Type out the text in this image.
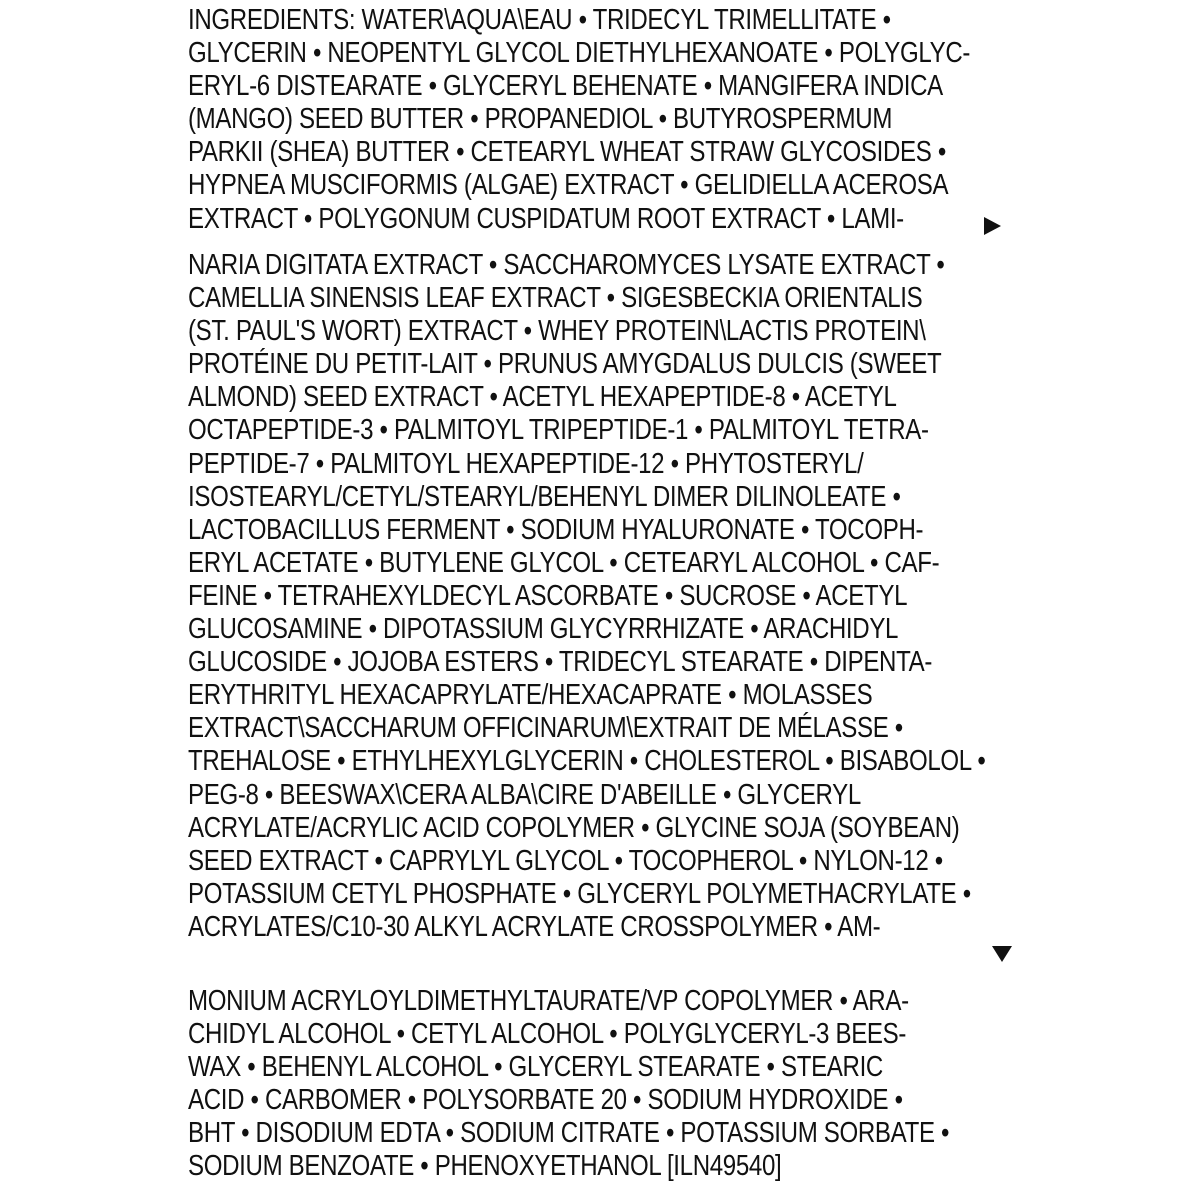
INGREDIENTS: WATER\AQUA\EAU • TRIDECYL TRIMELLITATE •
GLYCERIN • NEOPENTYL GLYCOL DIETHYLHEXANOATE • POLYGLYC-
ERYL-6 DISTEARATE • GLYCERYL BEHENATE • MANGIFERA INDICA
(MANGO) SEED BUTTER • PROPANEDIOL • BUTYROSPERMUM
PARKII (SHEA) BUTTER • CETEARYL WHEAT STRAW GLYCOSIDES •
HYPNEA MUSCIFORMIS (ALGAE) EXTRACT • GELIDIELLA ACEROSA
EXTRACT • POLYGONUM CUSPIDATUM ROOT EXTRACT • LAMI-
NARIA DIGITATA EXTRACT • SACCHAROMYCES LYSATE EXTRACT •
CAMELLIA SINENSIS LEAF EXTRACT • SIGESBECKIA ORIENTALIS
(ST. PAUL'S WORT) EXTRACT • WHEY PROTEIN\LACTIS PROTEIN\
PROTÉINE DU PETIT-LAIT • PRUNUS AMYGDALUS DULCIS (SWEET
ALMOND) SEED EXTRACT • ACETYL HEXAPEPTIDE-8 • ACETYL
OCTAPEPTIDE-3 • PALMITOYL TRIPEPTIDE-1 • PALMITOYL TETRA-
PEPTIDE-7 • PALMITOYL HEXAPEPTIDE-12 • PHYTOSTERYL/
ISOSTEARYL/CETYL/STEARYL/BEHENYL DIMER DILINOLEATE •
LACTOBACILLUS FERMENT • SODIUM HYALURONATE • TOCOPH-
ERYL ACETATE • BUTYLENE GLYCOL • CETEARYL ALCOHOL • CAF-
FEINE • TETRAHEXYLDECYL ASCORBATE • SUCROSE • ACETYL
GLUCOSAMINE • DIPOTASSIUM GLYCYRRHIZATE • ARACHIDYL
GLUCOSIDE • JOJOBA ESTERS • TRIDECYL STEARATE • DIPENTA-
ERYTHRITYL HEXACAPRYLATE/HEXACAPRATE • MOLASSES
EXTRACT\SACCHARUM OFFICINARUM\EXTRAIT DE MÉLASSE •
TREHALOSE • ETHYLHEXYLGLYCERIN • CHOLESTEROL • BISABOLOL •
PEG-8 • BEESWAX\CERA ALBA\CIRE D'ABEILLE • GLYCERYL
ACRYLATE/ACRYLIC ACID COPOLYMER • GLYCINE SOJA (SOYBEAN)
SEED EXTRACT • CAPRYLYL GLYCOL • TOCOPHEROL • NYLON-12 •
POTASSIUM CETYL PHOSPHATE • GLYCERYL POLYMETHACRYLATE •
ACRYLATES/C10-30 ALKYL ACRYLATE CROSSPOLYMER • AM-
MONIUM ACRYLOYLDIMETHYLTAURATE/VP COPOLYMER • ARA-
CHIDYL ALCOHOL • CETYL ALCOHOL • POLYGLYCERYL-3 BEES-
WAX • BEHENYL ALCOHOL • GLYCERYL STEARATE • STEARIC
ACID • CARBOMER • POLYSORBATE 20 • SODIUM HYDROXIDE •
BHT • DISODIUM EDTA • SODIUM CITRATE • POTASSIUM SORBATE •
SODIUM BENZOATE • PHENOXYETHANOL [ILN49540]
